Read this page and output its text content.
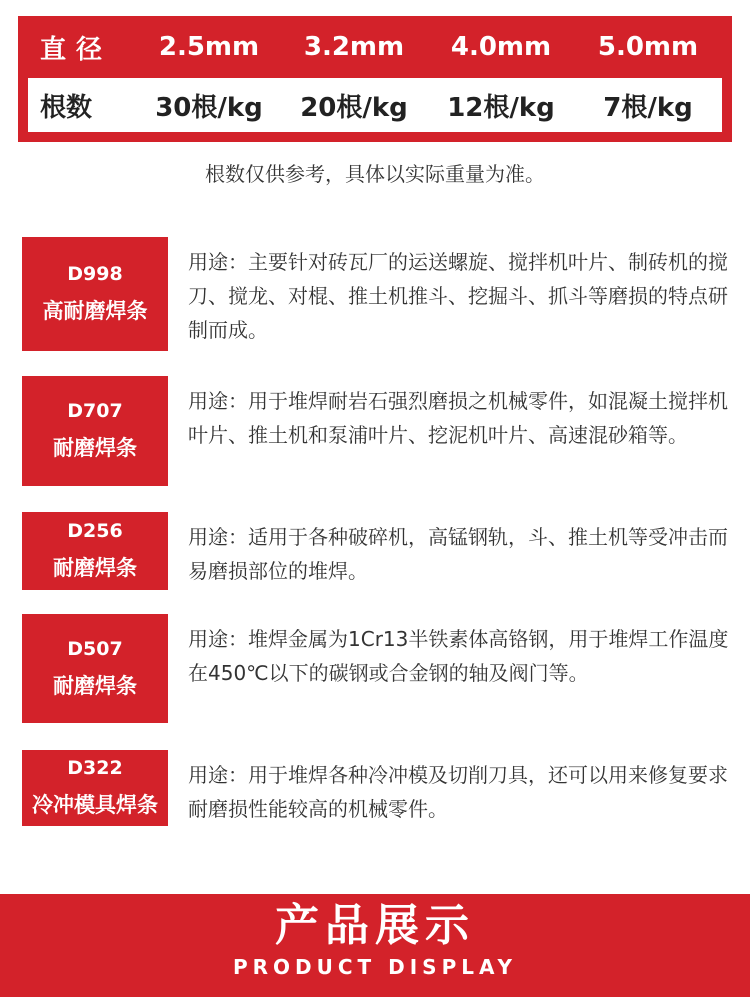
直径	2.5mm	3.2mm	4.0mm	5.0mm
根数	30根/kg	20根/kg	12根/kg	7根/kg
根数仅供参考，具体以实际重量为准。
D998
高耐磨焊条
用途：主要针对砖瓦厂的运送螺旋、搅拌机叶片、制砖机的搅刀、搅龙、对棍、推土机推斗、挖掘斗、抓斗等磨损的特点研制而成。
D707
耐磨焊条
用途：用于堆焊耐岩石强烈磨损之机械零件，如混凝土搅拌机叶片、推土机和泵浦叶片、挖泥机叶片、高速混砂箱等。
D256
耐磨焊条
用途：适用于各种破碎机，高锰钢轨，斗、推土机等受冲击而易磨损部位的堆焊。
D507
耐磨焊条
用途：堆焊金属为1Cr13半铁素体高铬钢，用于堆焊工作温度在450℃以下的碳钢或合金钢的轴及阀门等。
D322
冷冲模具焊条
用途：用于堆焊各种冷冲模及切削刀具，还可以用来修复要求耐磨损性能较高的机械零件。
产品展示
PRODUCT DISPLAY
